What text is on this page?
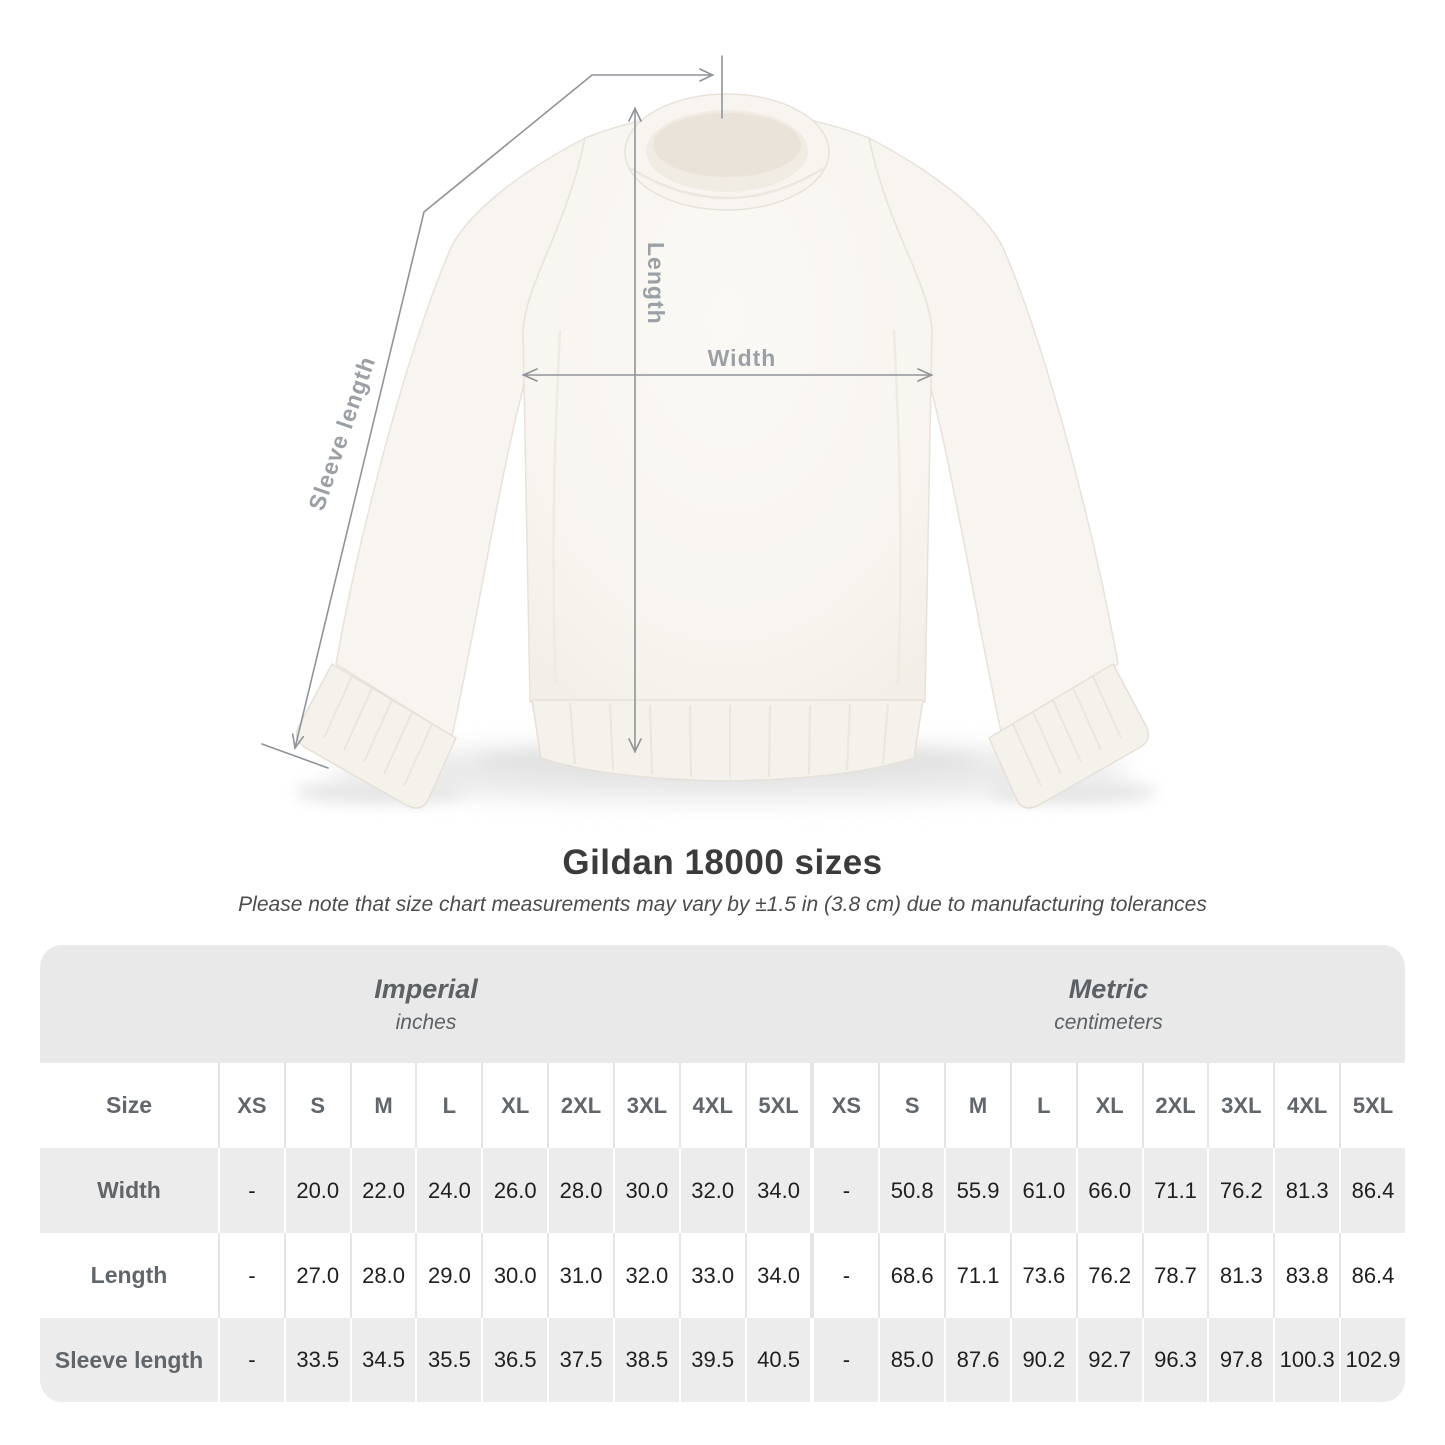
Length
Width
Sleeve length
Gildan 18000 sizes
Please note that size chart measurements may vary by ±1.5 in (3.8 cm) due to manufacturing tolerances
Imperial
inches
Metric
centimeters
Size	XS	S	M	L	XL	2XL	3XL	4XL	5XL	XS	S	M	L	XL	2XL	3XL	4XL	5XL
Width	-	20.0	22.0	24.0	26.0	28.0	30.0	32.0	34.0	-	50.8	55.9	61.0	66.0	71.1	76.2	81.3	86.4
Length	-	27.0	28.0	29.0	30.0	31.0	32.0	33.0	34.0	-	68.6	71.1	73.6	76.2	78.7	81.3	83.8	86.4
Sleeve length	-	33.5	34.5	35.5	36.5	37.5	38.5	39.5	40.5	-	85.0	87.6	90.2	92.7	96.3	97.8 100.3 102.9
